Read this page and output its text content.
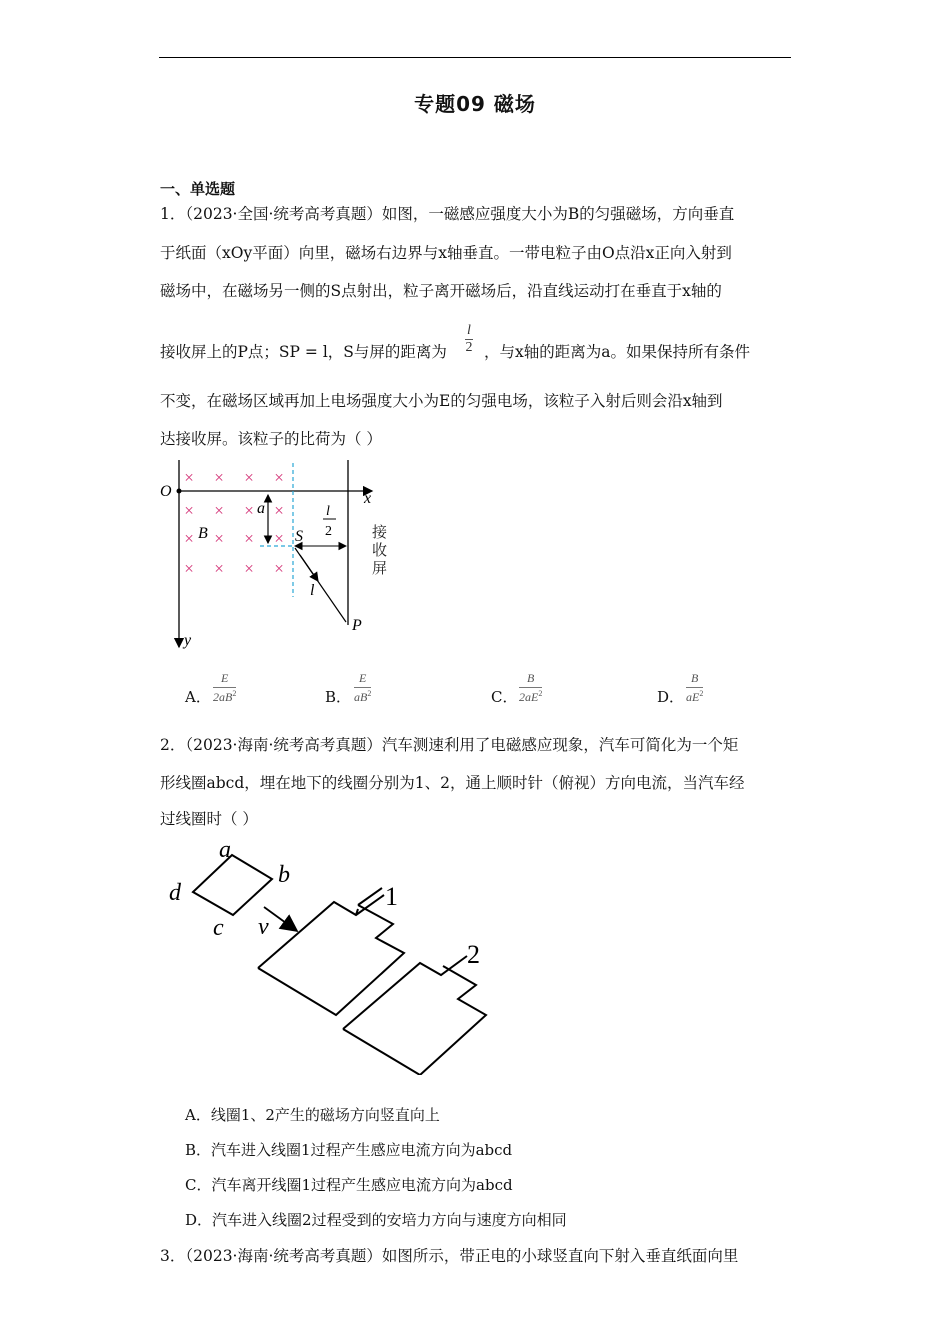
专题09 磁场
一、单选题
1．（2023·全国·统考高考真题）如图，一磁感应强度大小为B的匀强磁场，方向垂直
于纸面（xOy平面）向里，磁场右边界与x轴垂直。一带电粒子由O点沿x正向入射到
磁场中，在磁场另一侧的S点射出，粒子离开磁场后，沿直线运动打在垂直于x轴的
接收屏上的P点；SP = l，S与屏的距离为 $\frac{l}{2}$ ，与x轴的距离为a。如果保持所有条件
不变，在磁场区域再加上电场强度大小为E的匀强电场，该粒子入射后则会沿x轴到
达接收屏。该粒子的比荷为（ ）
× × × ×
× × × ×
× × × ×
× × × ×
O	x
y
a
B	S
l
2
l
P
接
收
屏
A． $\frac{E}{2aB^2}$	B． $\frac{E}{aB^2}$	C． $\frac{B}{2aE^2}$	D． $\frac{B}{aE^2}$
2．（2023·海南·统考高考真题）汽车测速利用了电磁感应现象，汽车可简化为一个矩
形线圈abcd，埋在地下的线圈分别为1、2，通上顺时针（俯视）方向电流，当汽车经
过线圈时（ ）
a
b
c
d
v
1
2
A．线圈1、2产生的磁场方向竖直向上
B．汽车进入线圈1过程产生感应电流方向为abcd
C．汽车离开线圈1过程产生感应电流方向为abcd
D．汽车进入线圈2过程受到的安培力方向与速度方向相同
3．（2023·海南·统考高考真题）如图所示，带正电的小球竖直向下射入垂直纸面向里
